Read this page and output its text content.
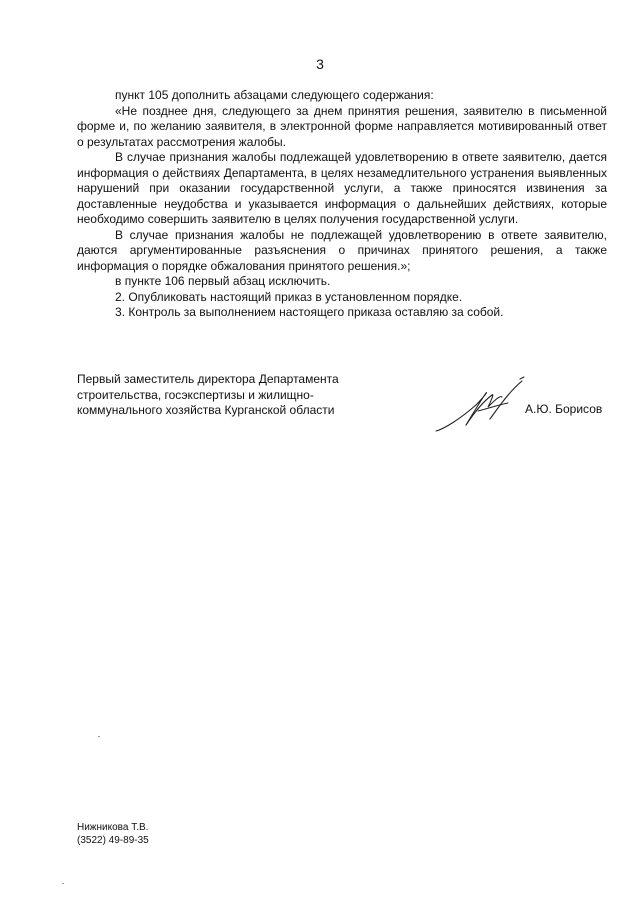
3

пункт 105 дополнить абзацами следующего содержания:

«Не позднее дня, следующего за днем принятия решения, заявителю в письменной форме и, по желанию заявителя, в электронной форме направляется мотивированный ответ о результатах рассмотрения жалобы.

В случае признания жалобы подлежащей удовлетворению в ответе заявителю, дается информация о действиях Департамента, в целях незамедлительного устранения выявленных нарушений при оказании государственной услуги, а также приносятся извинения за доставленные неудобства и указывается информация о дальнейших действиях, которые необходимо совершить заявителю в целях получения государственной услуги.

В случае признания жалобы не подлежащей удовлетворению в ответе заявителю, даются аргументированные разъяснения о причинах принятого решения, а также информация о порядке обжалования принятого решения.»;

в пункте 106 первый абзац исключить.

2. Опубликовать настоящий приказ в установленном порядке.

3. Контроль за выполнением настоящего приказа оставляю за собой.

Первый заместитель директора Департамента
строительства, госэкспертизы и жилищно-
коммунального хозяйства Курганской области	А.Ю. Борисов
Нижникова Т.В.
(3522) 49-89-35
